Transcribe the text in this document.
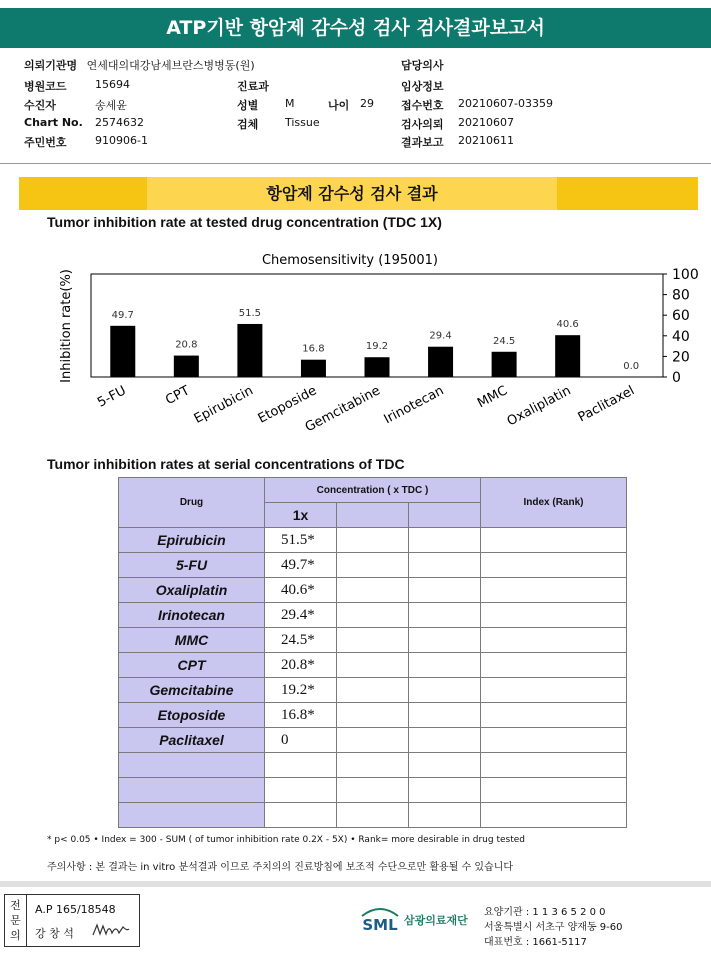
ATP기반 항암제 감수성 검사 검사결과보고서
의뢰기관명 연세대의대강남세브란스병병동(원)
병원코드	15694
수진자	송세윤
Chart No. 2574632
주민번호	910906-1
진료과
성별 M	나이 29
검체 Tissue
담당의사
임상정보
접수번호 20210607-03359
검사의뢰 20210607
결과보고 20210611
항암제 감수성 검사 결과
Tumor inhibition rate at tested drug concentration (TDC 1X)
Chemosensitivity (195001)
49.7
20.8
51.5
16.8	19.2
29.4	24.5
40.6
0.0
0
20
40
60
80
100
5-FU	CPT Epirubicin Etoposide
Gemcitabine
Irinotecan MMC
Oxaliplatin Paclitaxel
Inhibition rate(%)
Tumor inhibition rates at serial concentrations of TDC
Drug	Concentration ( x TDC )			Index (Rank)
	1x			
Epirubicin	51.5*			
5-FU	49.7*			
Oxaliplatin	40.6*			
Irinotecan	29.4*			
MMC	24.5*			
CPT	20.8*			
Gemcitabine	19.2*			
Etoposide	16.8*			
Paclitaxel	0			

* p< 0.05 • Index = 300 - SUM ( of tumor inhibition rate 0.2X - 5X) • Rank= more desirable in drug tested
주의사항 : 본 결과는 in vitro 분석결과 이므로 주치의의 진료방침에 보조적 수단으로만 활용될 수 있습니다
전문의
A.P 165/18548
강 창 석	SML 삼광의료재단
요양기관 : 1 1 3 6 5 2 0 0
서울특별시 서초구 양재동 9-60
대표번호 : 1661-5117
